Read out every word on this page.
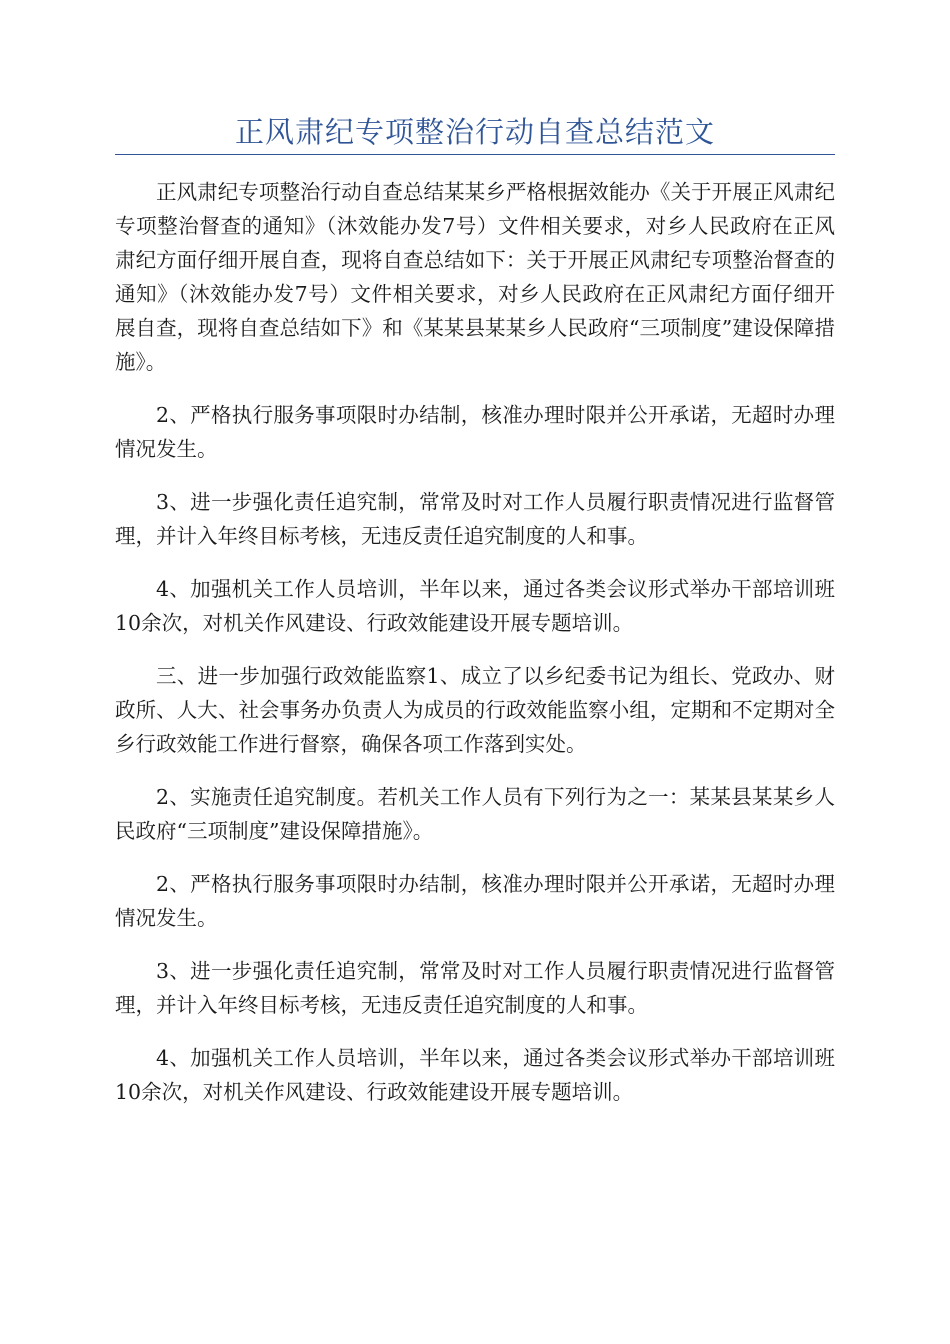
正风肃纪专项整治行动自查总结范文

正风肃纪专项整治行动自查总结某某乡严格根据效能办《关于开展正风肃纪专项整治督查的通知》（沐效能办发7号）文件相关要求，对乡人民政府在正风肃纪方面仔细开展自查，现将自查总结如下：关于开展正风肃纪专项整治督查的通知》（沐效能办发7号）文件相关要求，对乡人民政府在正风肃纪方面仔细开展自查，现将自查总结如下》和《某某县某某乡人民政府“三项制度”建设保障措施》。

2、严格执行服务事项限时办结制，核准办理时限并公开承诺，无超时办理情况发生。

3、进一步强化责任追究制，常常及时对工作人员履行职责情况进行监督管理，并计入年终目标考核，无违反责任追究制度的人和事。

4、加强机关工作人员培训，半年以来，通过各类会议形式举办干部培训班10余次，对机关作风建设、行政效能建设开展专题培训。

三、进一步加强行政效能监察1、成立了以乡纪委书记为组长、党政办、财政所、人大、社会事务办负责人为成员的行政效能监察小组，定期和不定期对全乡行政效能工作进行督察，确保各项工作落到实处。

2、实施责任追究制度。若机关工作人员有下列行为之一：某某县某某乡人民政府“三项制度”建设保障措施》。

2、严格执行服务事项限时办结制，核准办理时限并公开承诺，无超时办理情况发生。

3、进一步强化责任追究制，常常及时对工作人员履行职责情况进行监督管理，并计入年终目标考核，无违反责任追究制度的人和事。

4、加强机关工作人员培训，半年以来，通过各类会议形式举办干部培训班10余次，对机关作风建设、行政效能建设开展专题培训。
